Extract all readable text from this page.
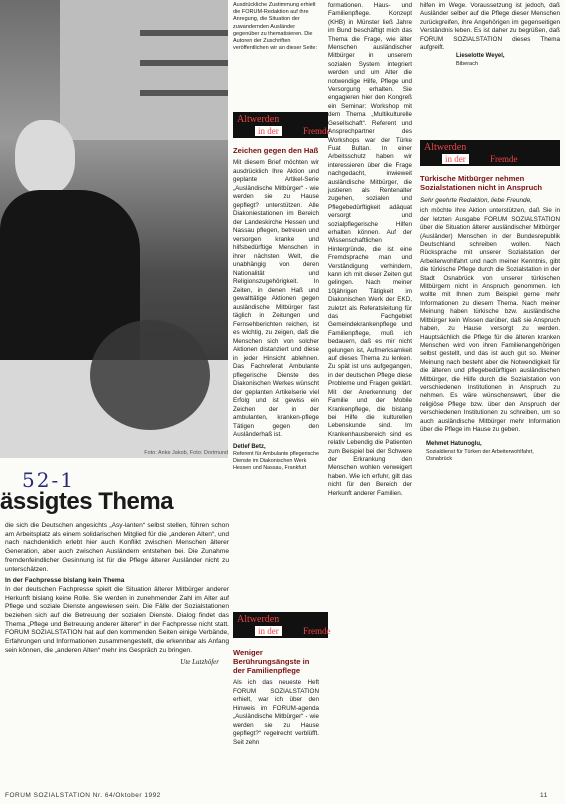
Foto: Anke Jakob, Foto: Dortmund
52-1
ässigtes Thema

die sich die Deutschen angesichts „Asy-lanten“ selbst stellen, führen schon am Arbeitsplatz als einem solidarischen Mitglied für die „anderen Alten“, und nach nachdenklich erlebt hier auch Konflikt zwischen Menschen älterer Generation, aber auch zwischen Ausländern entstehen bei. Die Zunahme fremdenfeindlicher Gesinnung ist für die Pflege älterer Ausländer nicht zu unterschätzen.

In der Fachpresse bislang kein Thema

In der deutschen Fachpresse spielt die Situation älterer Mitbürger anderer Herkunft bislang keine Rolle. Sie werden in zunehmender Zahl im Alter auf Pflege und soziale Dienste angewiesen sein. Die Fälle der Sozialstationen beziehen sich auf die Betreuung der sozialen Dienste. Dialog findet das Thema „Pflege und Betreuung anderer älterer“ in der Fachpresse nicht statt. FORUM SOZIALSTATION hat auf den kommenden Seiten einige Verbände, Erfahrungen und Informationen zusammengestellt, die erkennbar als Anfang sein können, die „anderen Alten“ mehr ins Gespräch zu bringen.

Ute Lutzhöfer
Ausdrückliche Zustimmung erhielt die FORUM-Redaktion auf ihre Anregung, die Situation der zuwandernden Ausländer gegenüber zu thematisieren. Die Autoren der Zuschriften veröffentlichen wir an dieser Seite:
Altwerden
in der	Fremde
Zeichen gegen den Haß
Mit diesem Brief möchten wir ausdrücklich Ihre Aktion und geplante Artikel-Serie „Ausländische Mitbürger“ - wie werden sie zu Hause gepflegt? unterstützen. Alle Diakoniestationen im Bereich der Landeskirche Hessen und Nassau pflegen, betreuen und versorgen kranke und hilfsbedürftige Menschen in ihrer nächsten Welt, die unabhängig von deren Nationalität und Religionszugehörigkeit. In Zeiten, in denen Haß und gewalttätige Aktionen gegen ausländische Mitbürger fast täglich in Zeitungen und Fernsehberichten reichen, ist es wichtig, zu zeigen, daß die Menschen sich von solcher Aktionen distanziert und diese in jeder Hinsicht ablehnen. Das Fachreferat Ambulante pflegerische Dienste des Diakonischen Werkes wünscht der geplanten Artikelserie viel Erfolg und ist gewiss ein Zeichen der in der ambulanten, kranken-pflege Tätigen gegen den Ausländerhaß ist.
Detlef Betz,
Referent für Ambulante pflegerische Dienste im Diakonischen Werk Hessen und Nassau, Frankfurt
Altwerden
in der	Fremde
Weniger Berührungsängste in der Familienpflege
Als ich das neueste Heft FORUM SOZIALSTATION erhielt, war ich über den Hinweis im FORUM-agenda „Ausländische Mitbürger“ - wie werden sie zu Hause gepflegt?“ regelrecht verblüfft. Seit zehn
formationen. Haus- und Familienpflege. Konzept (KHB) in Münster ließ Jahre im Bund beschäftigt mich das Thema die Frage, wie älter Menschen ausländischer Mitbürger in unserem sozialen System integriert werden und um Alter die notwendige Hilfe, Pflege und Versorgung erhalten. Sie engagieren hier den Kongreß ein Seminar: Workshop mit dem Thema „Multikulturelle Gesellschaft“. Referent und Ansprechpartner des Workshops war der Türke Fuat Bultan. In einer Arbeitsschutz haben wir interessieren über die Frage nachgedacht, inwieweit ausländische Mitbürger, die justieren als Rentenalter zugehen, sozialen und Pflegebedürftigkeit adäquat versorgt und sozialpflegerische Hilfen erhalten können. Auf der Wissenschaftlichen Hintergründe, die ist eine Fremdsprache man und Verständigung verhindern, kann ich mit dieser Zeiten gut gelingen. Nach meiner 10jährigen Tätigkeit im Diakonischen Werk der EKD, zuletzt als Referatsleitung für das Fachgebiet Gemeindekrankenpflege und Familienpflege, muß ich bedauern, daß es mir nicht gelungen ist, Aufmerksamkeit auf dieses Thema zu lenken. Zu spät ist uns aufgegangen, in der deutschen Pflege diese Probleme und Fragen geklärt. Mit der Anerkennung der Familie und der Mobile Krankenpflege, die bislang bei Hilfe die kulturellen Lebenskunde sind. Im Krankenhausbereich sind es relativ Lebendig die Patienten zum Beispiel bei der Schwere der Erkrankung den Menschen wohlen verweigert haben. Wie ich erfuhr, gilt das nicht für den Bereich der Herkunft anderer Familien.
hilfen im Wege. Voraussetzung ist jedoch, daß Ausländer selber auf die Pflege dieser Menschen zurückgreifen, ihre Angehörigen im gegenseitigen Verständnis leben. Es ist daher zu begrüßen, daß FORUM SOZIALSTATION dieses Thema aufgreift.
Lieselotte Weyel,
Biberach
Altwerden
in der	Fremde
Türkische Mitbürger nehmen Sozialstationen nicht in Anspruch
Sehr geehrte Redaktion, liebe Freunde,
ich möchte Ihre Aktion unterstützen, daß Sie in der letzten Ausgabe FORUM SOZIALSTATION über die Situation älterer ausländischer Mitbürger (Ausländer) Menschen in der Bundesrepublik Deutschland schreiben wollen. Nach Rücksprache mit unserer Sozialstation der Arbeiterwohlfahrt und nach meiner Kenntnis, gibt die türkische Pflege durch die Sozialstation in der Stadt Osnabrück von unserer türkischen Mitbürgern nicht in Anspruch genommen. Ich wollte mit Ihnen zum Beispiel gerne mehr Informationen zu diesem Thema. Nach meiner Meinung haben türkische bzw. ausländische Mitbürger kein Wissen darüber, daß sie Anspruch haben, zu Hause versorgt zu werden. Hauptsächlich die Pflege für die älteren kranken Menschen wird von ihren Familienangehörigen selbst gestellt, und das ist auch gut so. Meiner Meinung nach besteht aber die Notwendigkeit für die älteren und pflegebedürftigen ausländischen Mitbürger, die Hilfe durch die Sozialstation von verschiedenen Institutionen in Anspruch zu nehmen. Es wäre wünschenswert, über die religiöse Pflege bzw. über den Anspruch der verschiedenen Institutionen zu schreiben, um so auch ausländische Mitbürger mehr Information über die Pflege im Hause zu geben.
Mehmet Hatunoglu,
Sozialdienst für Türken der Arbeiterwohlfahrt, Osnabrück
FORUM SOZIALSTATION Nr. 64/Oktober 1992	11
